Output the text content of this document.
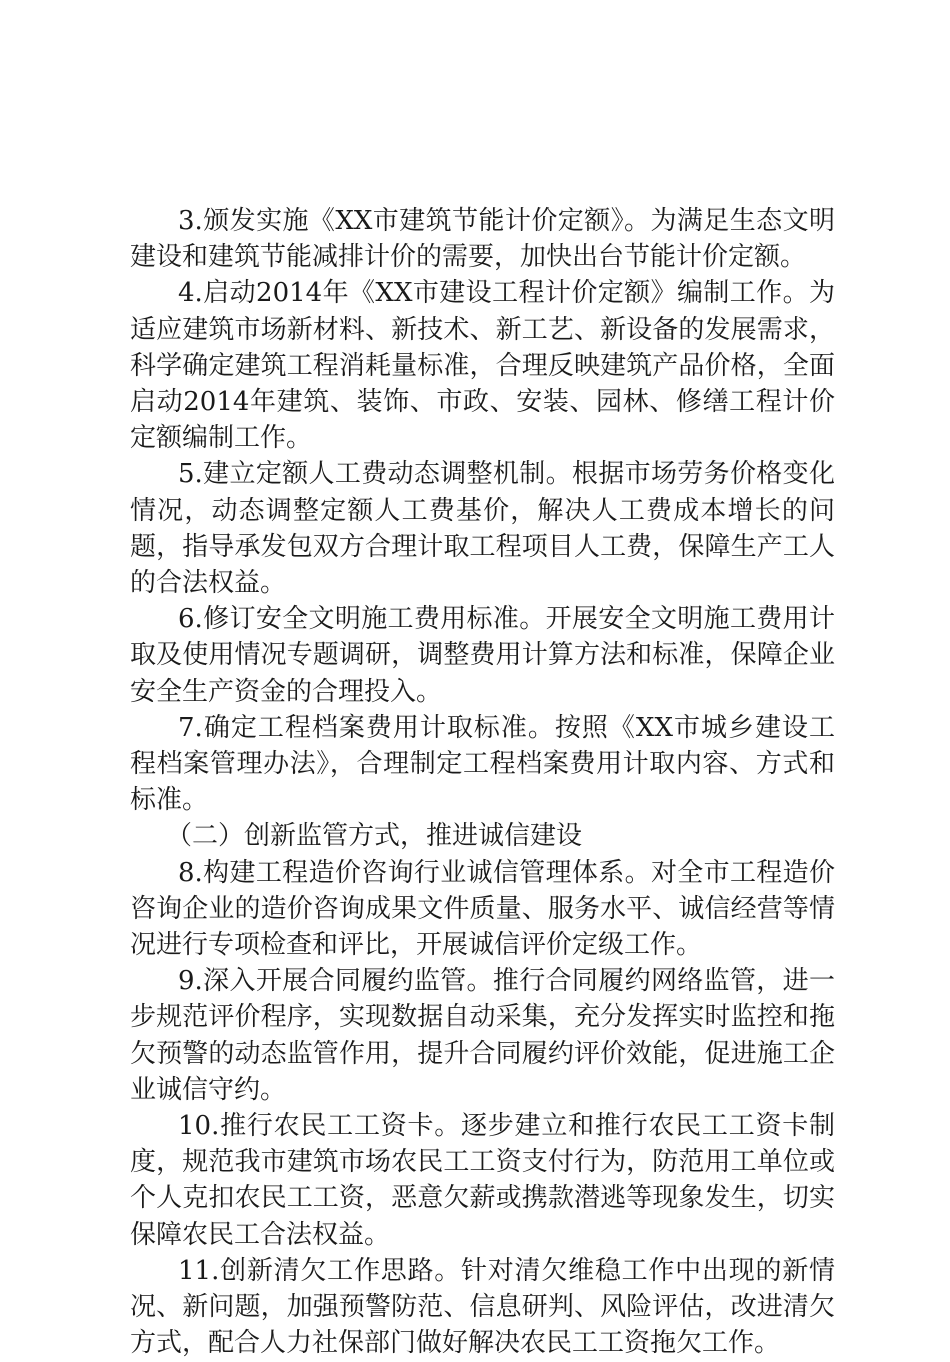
3.颁发实施《XX市建筑节能计价定额》。为满足生态文明建设和建筑节能减排计价的需要，加快出台节能计价定额。

4.启动2014年《XX市建设工程计价定额》编制工作。为适应建筑市场新材料、新技术、新工艺、新设备的发展需求，科学确定建筑工程消耗量标准，合理反映建筑产品价格，全面启动2014年建筑、装饰、市政、安装、园林、修缮工程计价定额编制工作。

5.建立定额人工费动态调整机制。根据市场劳务价格变化情况，动态调整定额人工费基价，解决人工费成本增长的问题，指导承发包双方合理计取工程项目人工费，保障生产工人的合法权益。

6.修订安全文明施工费用标准。开展安全文明施工费用计取及使用情况专题调研，调整费用计算方法和标准，保障企业安全生产资金的合理投入。

7.确定工程档案费用计取标准。按照《XX市城乡建设工程档案管理办法》，合理制定工程档案费用计取内容、方式和标准。

（二）创新监管方式，推进诚信建设

8.构建工程造价咨询行业诚信管理体系。对全市工程造价咨询企业的造价咨询成果文件质量、服务水平、诚信经营等情况进行专项检查和评比，开展诚信评价定级工作。

9.深入开展合同履约监管。推行合同履约网络监管，进一步规范评价程序，实现数据自动采集，充分发挥实时监控和拖欠预警的动态监管作用，提升合同履约评价效能，促进施工企业诚信守约。

10.推行农民工工资卡。逐步建立和推行农民工工资卡制度，规范我市建筑市场农民工工资支付行为，防范用工单位或个人克扣农民工工资，恶意欠薪或携款潜逃等现象发生，切实保障农民工合法权益。

11.创新清欠工作思路。针对清欠维稳工作中出现的新情况、新问题，加强预警防范、信息研判、风险评估，改进清欠方式，配合人力社保部门做好解决农民工工资拖欠工作。
